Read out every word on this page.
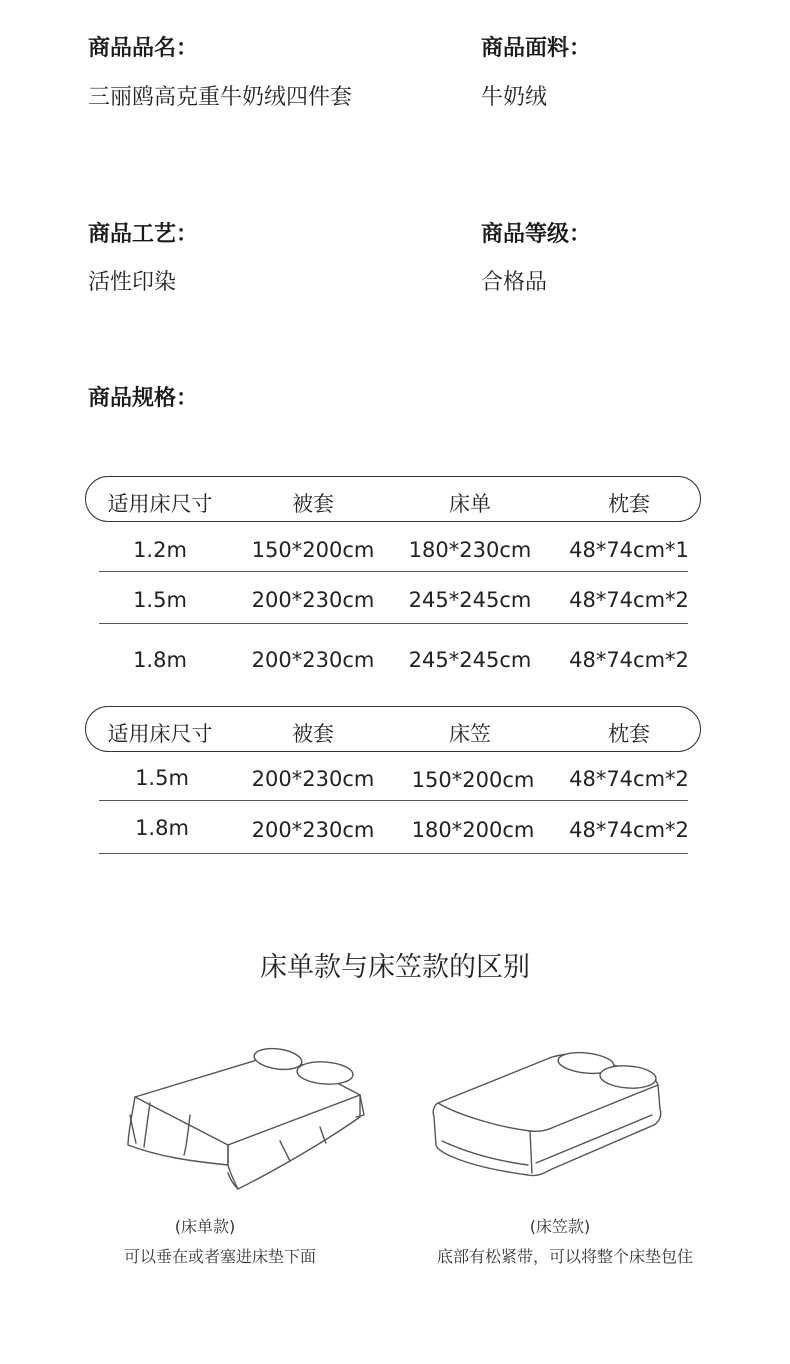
商品品名：
三丽鸥高克重牛奶绒四件套
商品面料：
牛奶绒
商品工艺：
活性印染
商品等级：
合格品
商品规格：
适用床尺寸	被套	床单	枕套
1.2m	150*200cm	180*230cm	48*74cm*1
1.5m	200*230cm	245*245cm	48*74cm*2
1.8m	200*230cm	245*245cm	48*74cm*2
适用床尺寸	被套	床笠	枕套
1.5m	200*230cm	150*200cm	48*74cm*2
1.8m	200*230cm	180*200cm	48*74cm*2
床单款与床笠款的区别
(床单款)
可以垂在或者塞进床垫下面
(床笠款)
底部有松紧带，可以将整个床垫包住
